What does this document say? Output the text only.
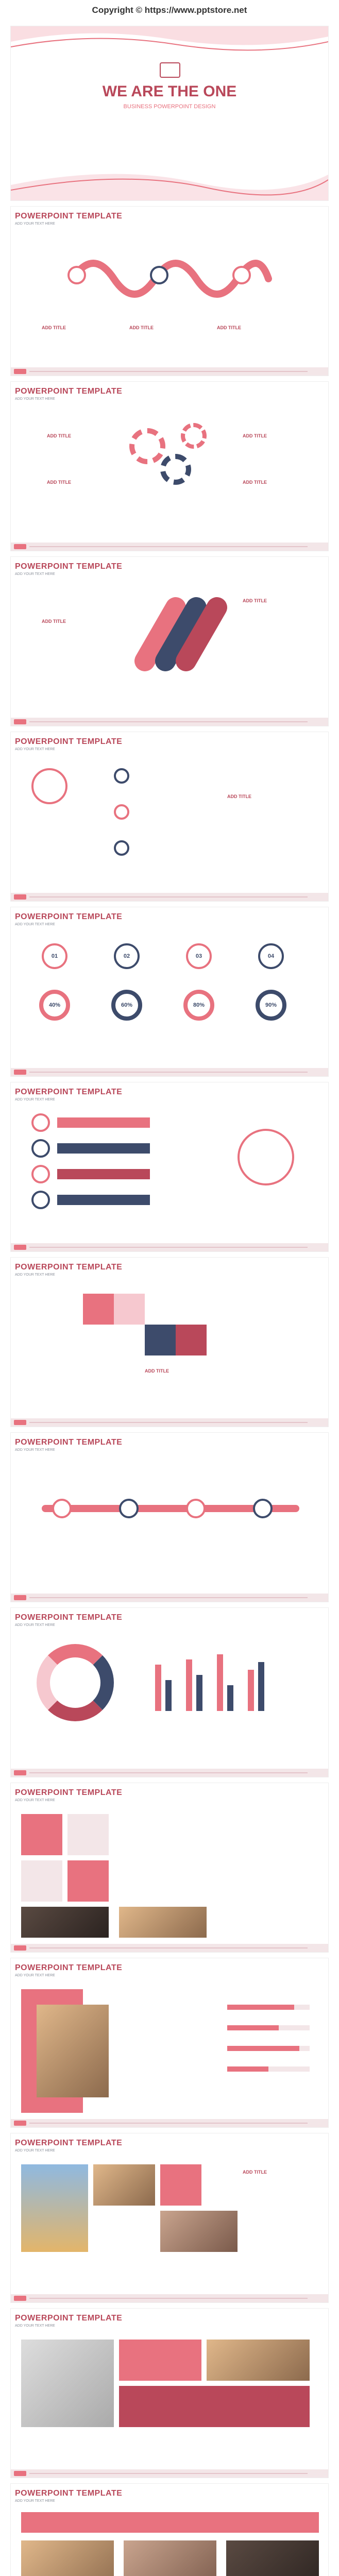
Copyright © https://www.pptstore.net
WE ARE THE ONE
BUSINESS POWERPOINT DESIGN
POWERPOINT TEMPLATE
ADD YOUR TEXT HERE
ADD TITLE	ADD TITLE	ADD TITLE
POWERPOINT TEMPLATE
ADD YOUR TEXT HERE
ADD TITLE
ADD TITLE
ADD TITLE
ADD TITLE
POWERPOINT TEMPLATE
ADD YOUR TEXT HERE
ADD TITLE
ADD TITLE
POWERPOINT TEMPLATE
ADD YOUR TEXT HERE
ADD TITLE
POWERPOINT TEMPLATE
ADD YOUR TEXT HERE
01	02	03	04
40%	60%	80%	90%
POWERPOINT TEMPLATE
ADD YOUR TEXT HERE
POWERPOINT TEMPLATE
ADD YOUR TEXT HERE
ADD TITLE
POWERPOINT TEMPLATE
ADD YOUR TEXT HERE
POWERPOINT TEMPLATE
ADD YOUR TEXT HERE
POWERPOINT TEMPLATE
ADD YOUR TEXT HERE
POWERPOINT TEMPLATE
ADD YOUR TEXT HERE
POWERPOINT TEMPLATE
ADD YOUR TEXT HERE
ADD TITLE
POWERPOINT TEMPLATE
ADD YOUR TEXT HERE
POWERPOINT TEMPLATE
ADD YOUR TEXT HERE
